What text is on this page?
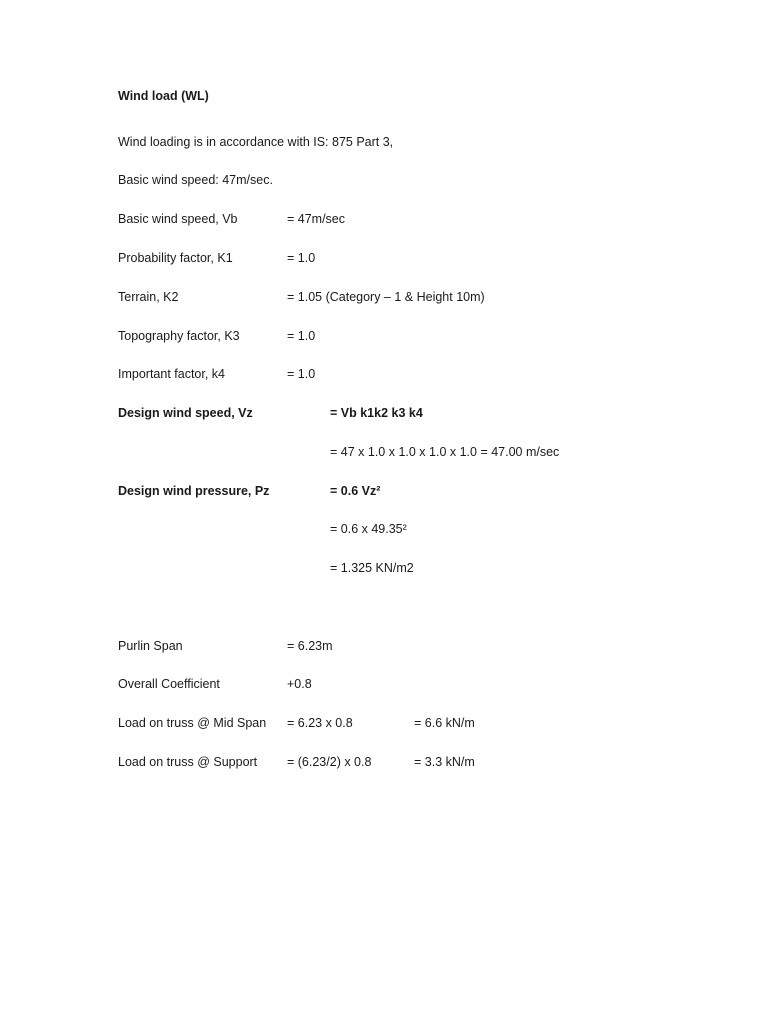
Wind load (WL)
Wind loading is in accordance with IS: 875 Part 3,
Basic wind speed: 47m/sec.
Basic wind speed, Vb	= 47m/sec
Probability factor, K1	= 1.0
Terrain, K2	= 1.05 (Category – 1 & Height 10m)
Topography factor, K3	= 1.0
Important factor, k4	= 1.0
Design wind speed, Vz	= Vb k1k2 k3 k4
= 47 x 1.0 x 1.0 x 1.0 x 1.0 = 47.00 m/sec
Design wind pressure, Pz	= 0.6 Vz²
= 0.6 x 49.35²
= 1.325 KN/m2
Purlin Span	= 6.23m
Overall Coefficient	+0.8
Load on truss @ Mid Span = 6.23 x 0.8	= 6.6 kN/m
Load on truss @ Support = (6.23/2) x 0.8	= 3.3 kN/m
